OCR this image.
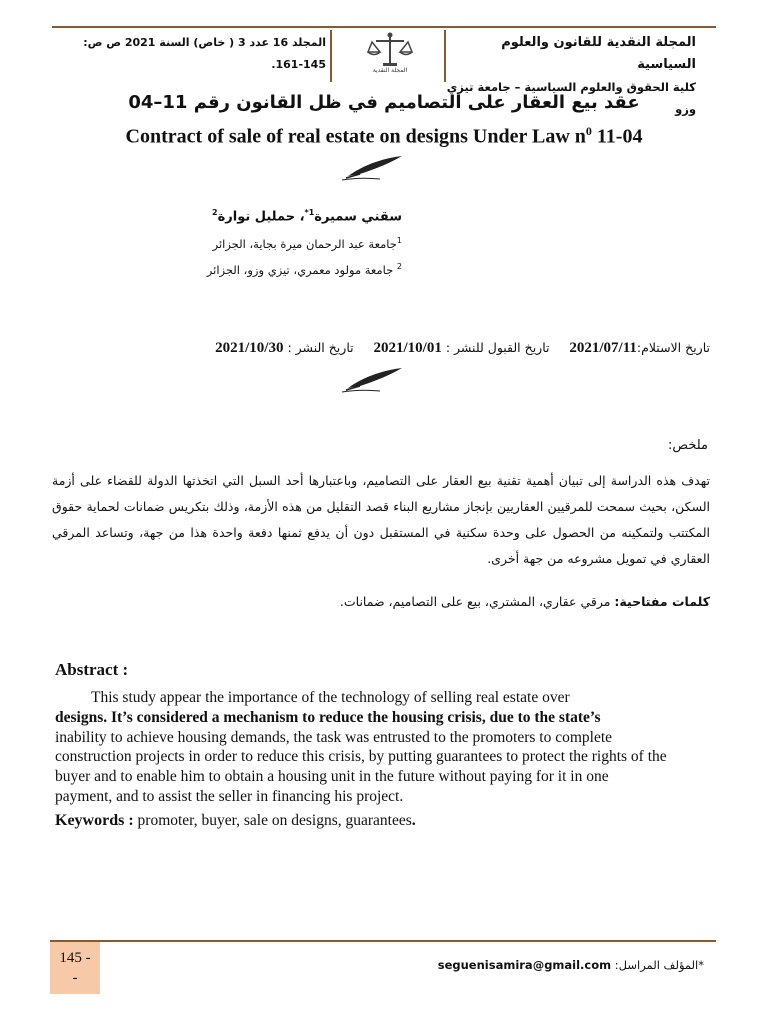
المجلة النقدية للقانون والعلوم السياسية
كلية الحقوق والعلوم السياسية – جامعة تيزي وزو
المجلة النقدية
المجلد 16 عدد 3 ( خاص) السنة 2021 ص ص:
161-145.
عقد بيع العقار على التصاميم في ظل القانون رقم 11–04
Contract of sale of real estate on designs Under Law $n^0$ 11-04
سقني سميرة$^{1*}$، حمليل نوارة$^2$
$^1$جامعة عبد الرحمان ميرة بجاية، الجزائر
$^2$ جامعة مولود معمري، تيزي وزو، الجزائر
تاريخ الاستلام:2021/07/11     تاريخ القبول للنشر : 2021/10/01     تاريخ النشر : 2021/10/30
ملخص:
تهدف هذه الدراسة إلى تبيان أهمية تقنية بيع العقار على التصاميم، وباعتبارها أحد السبل التي اتخذتها الدولة للقضاء على أزمة السكن، بحيث سمحت للمرقيين العقاريين بإنجاز مشاريع البناء قصد التقليل من هذه الأزمة، وذلك بتكريس ضمانات لحماية حقوق المكتتب ولتمكينه من الحصول على وحدة سكنية في المستقبل دون أن يدفع ثمنها دفعة واحدة هذا من جهة، وتساعد المرقي العقاري في تمويل مشروعه من جهة أخرى.
كلمات مفتاحية: مرقي عقاري، المشتري، بيع على التصاميم، ضمانات.
Abstract :
This study appear the importance of the technology of selling real estate over
designs. It’s considered a mechanism to reduce the housing crisis, due to the state’s
inability to achieve housing demands, the task was entrusted to the promoters to complete construction projects in order to reduce this crisis, by putting guarantees to protect the rights of the buyer and to enable him to obtain a housing unit in the future without paying for it in one payment, and to assist the seller in financing his project.
Keywords : promoter, buyer, sale on designs, guarantees.
145 -
-
seguenisamira@gmail.com :المؤلف المراسل*
